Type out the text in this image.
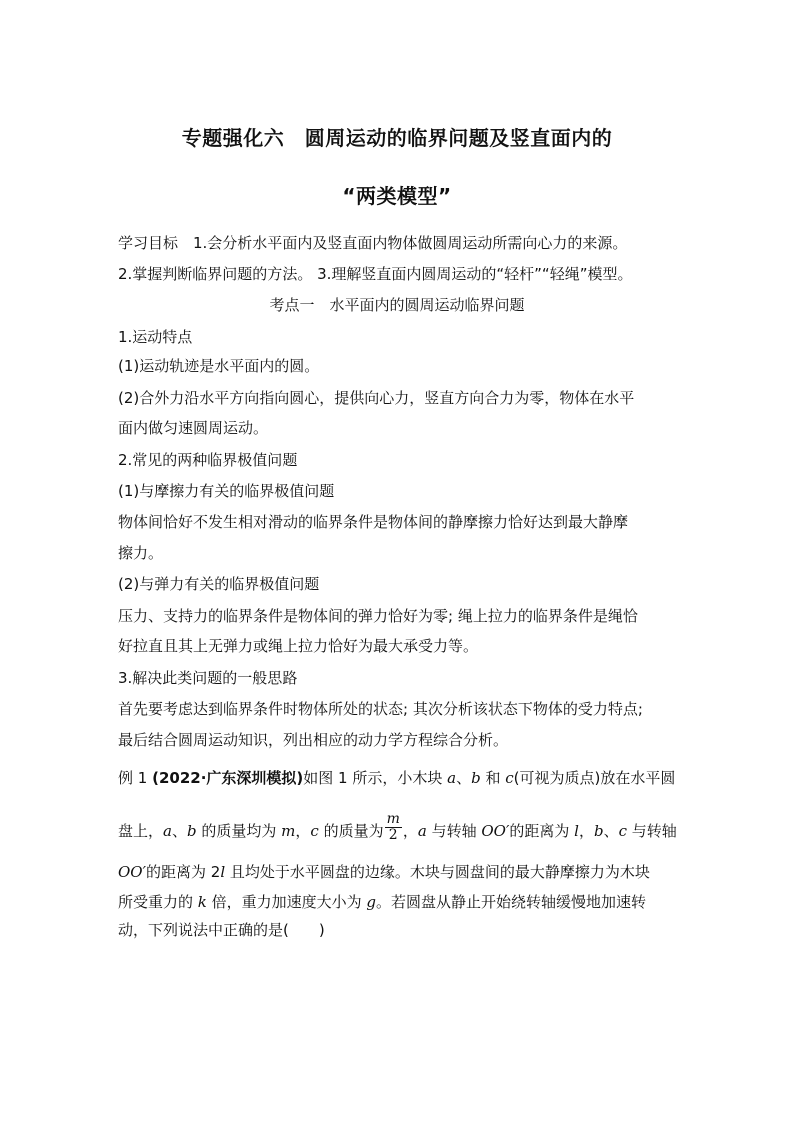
专题强化六　圆周运动的临界问题及竖直面内的
“两类模型”
学习目标　1.会分析水平面内及竖直面内物体做圆周运动所需向心力的来源。
2.掌握判断临界问题的方法。 3.理解竖直面内圆周运动的“轻杆”“轻绳”模型。
考点一　水平面内的圆周运动临界问题
1.运动特点
(1)运动轨迹是水平面内的圆。
(2)合外力沿水平方向指向圆心，提供向心力，竖直方向合力为零，物体在水平
面内做匀速圆周运动。
2.常见的两种临界极值问题
(1)与摩擦力有关的临界极值问题
物体间恰好不发生相对滑动的临界条件是物体间的静摩擦力恰好达到最大静摩
擦力。
(2)与弹力有关的临界极值问题
压力、支持力的临界条件是物体间的弹力恰好为零; 绳上拉力的临界条件是绳恰
好拉直且其上无弹力或绳上拉力恰好为最大承受力等。
3.解决此类问题的一般思路
首先要考虑达到临界条件时物体所处的状态; 其次分析该状态下物体的受力特点;
最后结合圆周运动知识，列出相应的动力学方程综合分析。
例 1 (2022·广东深圳模拟)如图 1 所示，小木块 a、b 和 c(可视为质点)放在水平圆
盘上，a、b 的质量均为 m，c 的质量为 $\frac{m}{2}$ ，a 与转轴 OO′的距离为 l，b、c 与转轴
OO′的距离为 2l 且均处于水平圆盘的边缘。木块与圆盘间的最大静摩擦力为木块
所受重力的 k 倍，重力加速度大小为 g。若圆盘从静止开始绕转轴缓慢地加速转
动，下列说法中正确的是(　　)
